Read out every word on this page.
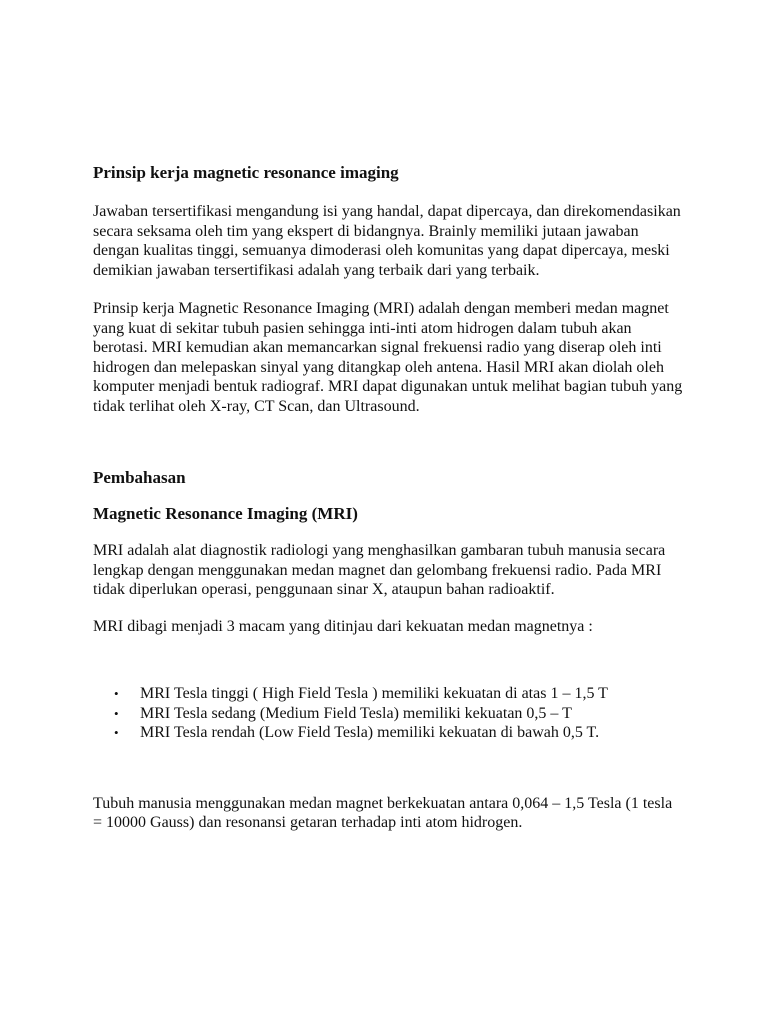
Prinsip kerja magnetic resonance imaging

Jawaban tersertifikasi mengandung isi yang handal, dapat dipercaya, dan direkomendasikan secara seksama oleh tim yang ekspert di bidangnya. Brainly memiliki jutaan jawaban dengan kualitas tinggi, semuanya dimoderasi oleh komunitas yang dapat dipercaya, meski demikian jawaban tersertifikasi adalah yang terbaik dari yang terbaik.

Prinsip kerja Magnetic Resonance Imaging (MRI) adalah dengan memberi medan magnet yang kuat di sekitar tubuh pasien sehingga inti-inti atom hidrogen dalam tubuh akan berotasi. MRI kemudian akan memancarkan signal frekuensi radio yang diserap oleh inti hidrogen dan melepaskan sinyal yang ditangkap oleh antena. Hasil MRI akan diolah oleh komputer menjadi bentuk radiograf. MRI dapat digunakan untuk melihat bagian tubuh yang tidak terlihat oleh X-ray, CT Scan, dan Ultrasound.

Pembahasan

Magnetic Resonance Imaging (MRI)

MRI adalah alat diagnostik radiologi yang menghasilkan gambaran tubuh manusia secara lengkap dengan menggunakan medan magnet dan gelombang frekuensi radio. Pada MRI tidak diperlukan operasi, penggunaan sinar X, ataupun bahan radioaktif.

MRI dibagi menjadi 3 macam yang ditinjau dari kekuatan medan magnetnya :

• MRI Tesla tinggi ( High Field Tesla ) memiliki kekuatan di atas 1 – 1,5 T
• MRI Tesla sedang (Medium Field Tesla) memiliki kekuatan 0,5 – T
• MRI Tesla rendah (Low Field Tesla) memiliki kekuatan di bawah 0,5 T.

Tubuh manusia menggunakan medan magnet berkekuatan antara 0,064 – 1,5 Tesla (1 tesla = 10000 Gauss) dan resonansi getaran terhadap inti atom hidrogen.
